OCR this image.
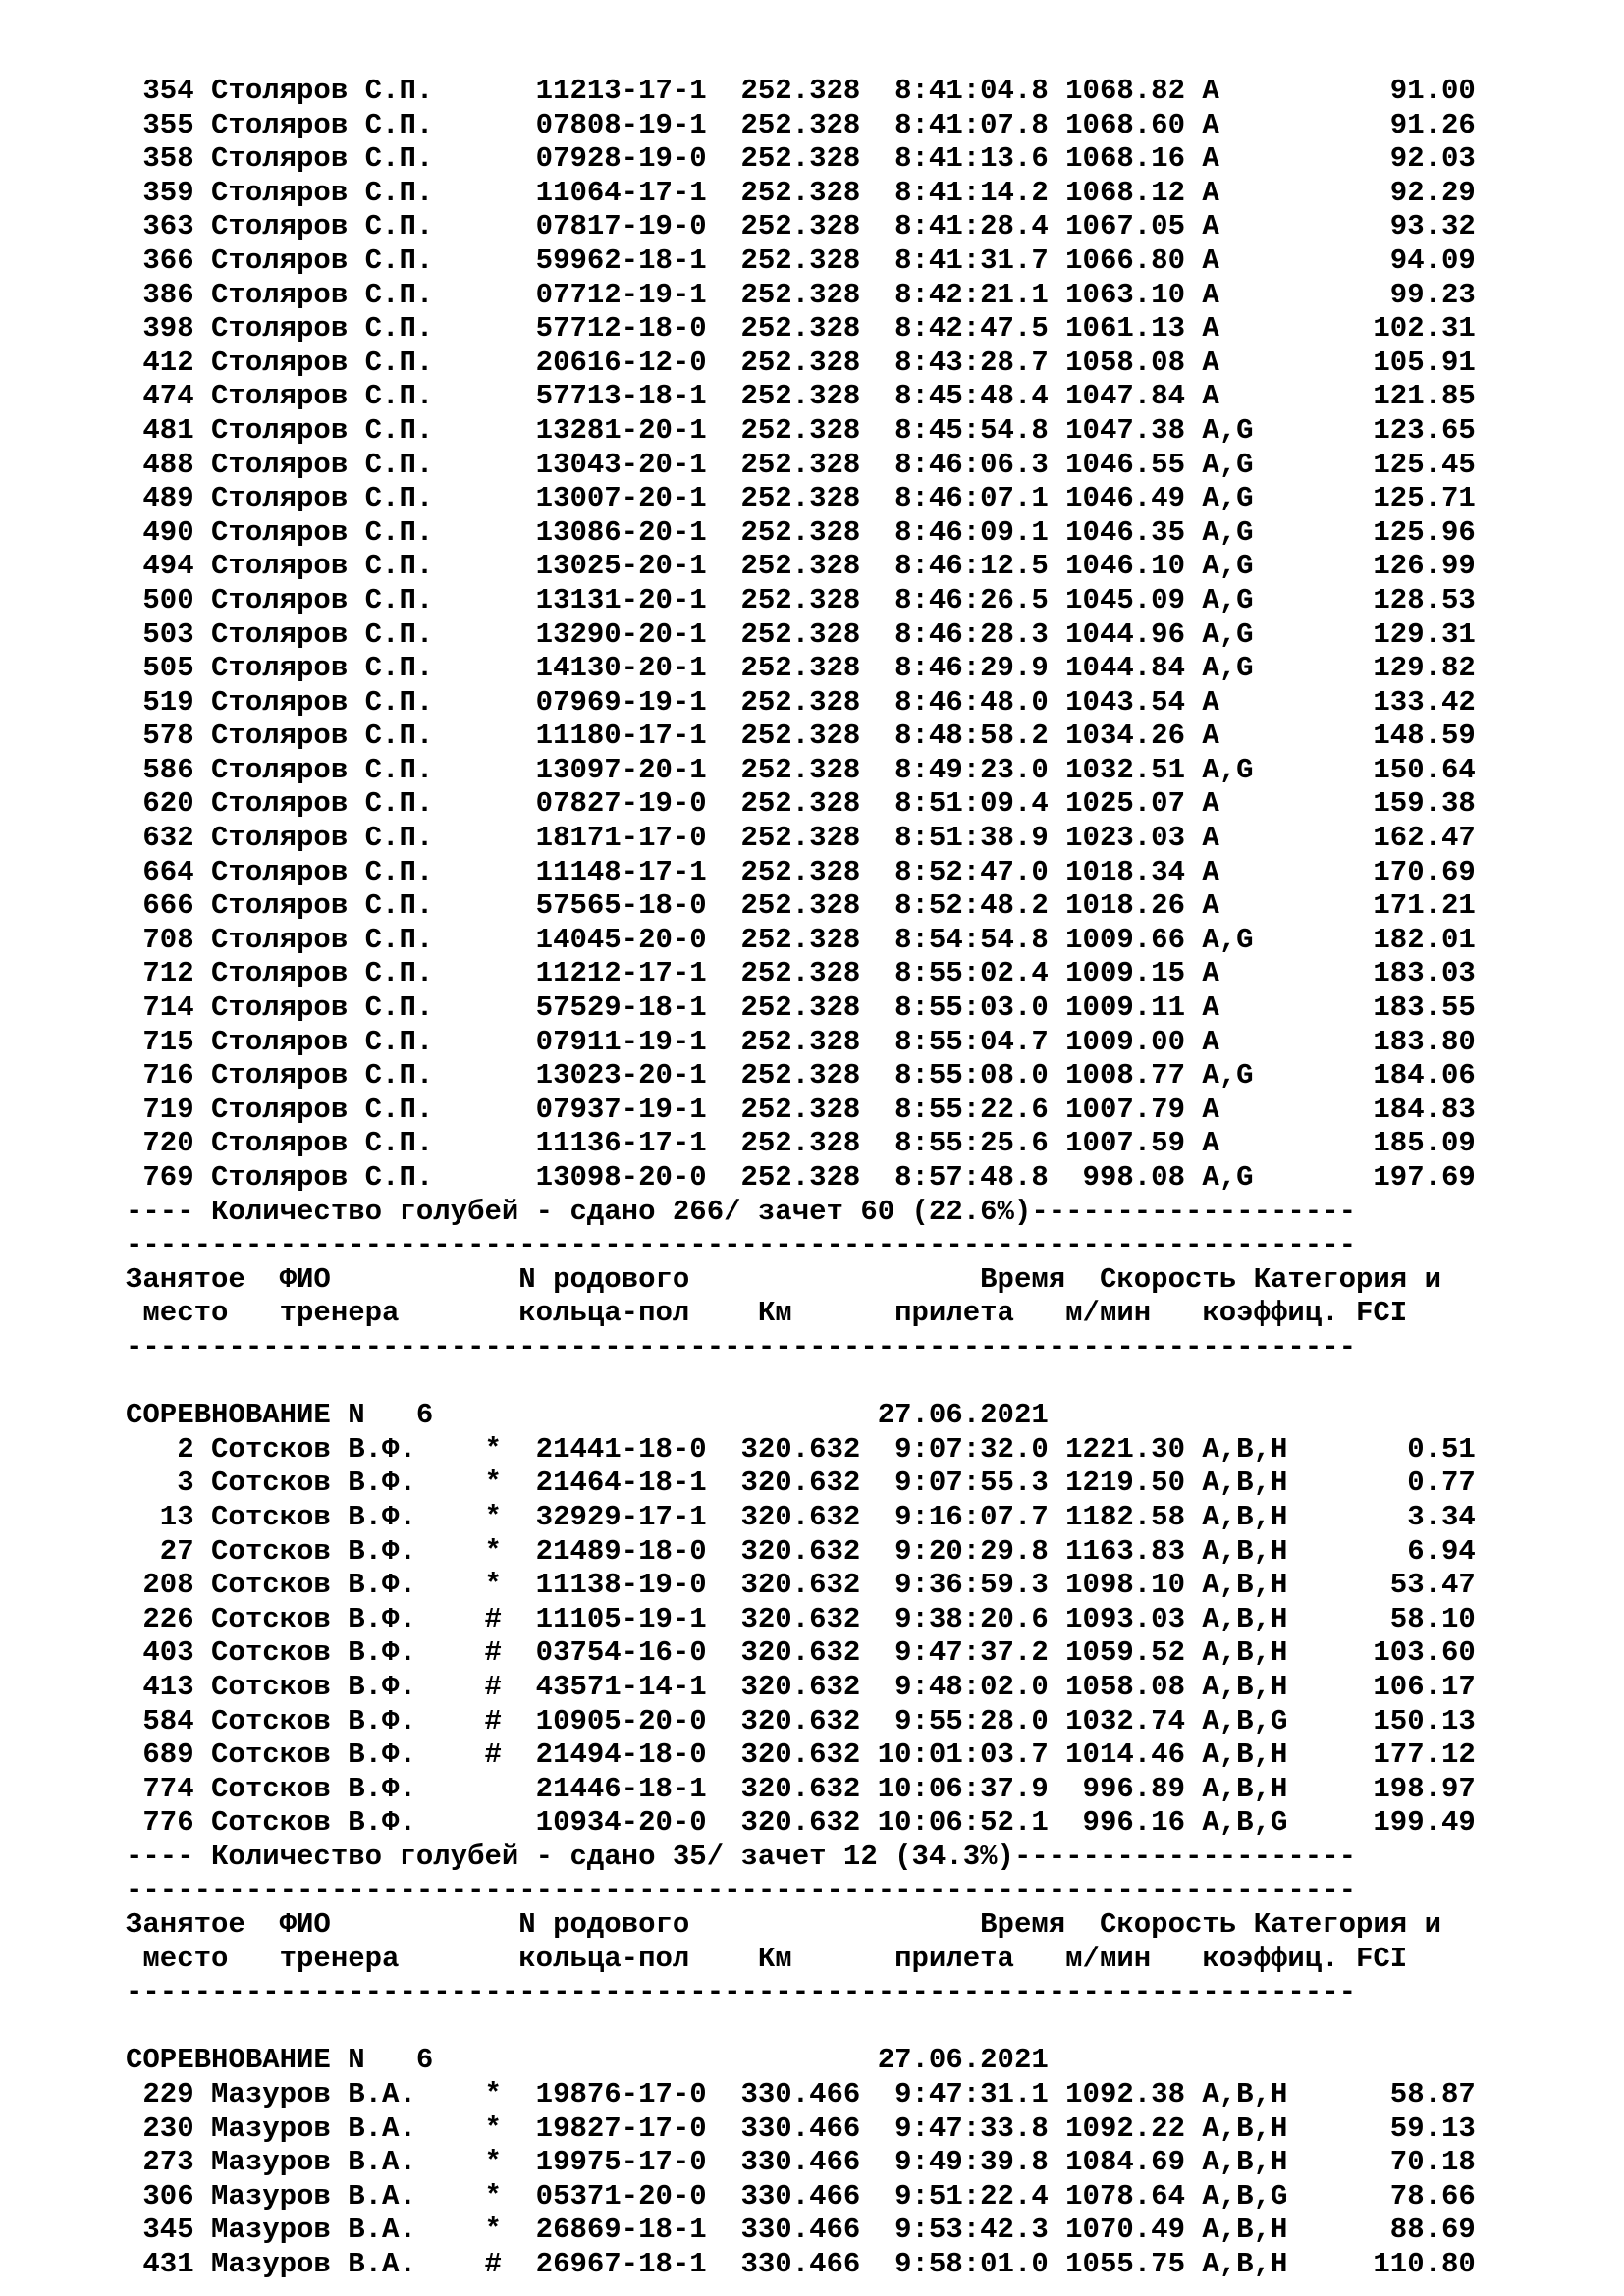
354 Столяров С.П.      11213-17-1  252.328  8:41:04.8 1068.82 A          91.00
355 Столяров С.П.      07808-19-1  252.328  8:41:07.8 1068.60 A          91.26
358 Столяров С.П.      07928-19-0  252.328  8:41:13.6 1068.16 A          92.03
359 Столяров С.П.      11064-17-1  252.328  8:41:14.2 1068.12 A          92.29
363 Столяров С.П.      07817-19-0  252.328  8:41:28.4 1067.05 A          93.32
366 Столяров С.П.      59962-18-1  252.328  8:41:31.7 1066.80 A          94.09
386 Столяров С.П.      07712-19-1  252.328  8:42:21.1 1063.10 A          99.23
398 Столяров С.П.      57712-18-0  252.328  8:42:47.5 1061.13 A         102.31
412 Столяров С.П.      20616-12-0  252.328  8:43:28.7 1058.08 A         105.91
474 Столяров С.П.      57713-18-1  252.328  8:45:48.4 1047.84 A         121.85
481 Столяров С.П.      13281-20-1  252.328  8:45:54.8 1047.38 A,G       123.65
488 Столяров С.П.      13043-20-1  252.328  8:46:06.3 1046.55 A,G       125.45
489 Столяров С.П.      13007-20-1  252.328  8:46:07.1 1046.49 A,G       125.71
490 Столяров С.П.      13086-20-1  252.328  8:46:09.1 1046.35 A,G       125.96
494 Столяров С.П.      13025-20-1  252.328  8:46:12.5 1046.10 A,G       126.99
500 Столяров С.П.      13131-20-1  252.328  8:46:26.5 1045.09 A,G       128.53
503 Столяров С.П.      13290-20-1  252.328  8:46:28.3 1044.96 A,G       129.31
505 Столяров С.П.      14130-20-1  252.328  8:46:29.9 1044.84 A,G       129.82
519 Столяров С.П.      07969-19-1  252.328  8:46:48.0 1043.54 A         133.42
578 Столяров С.П.      11180-17-1  252.328  8:48:58.2 1034.26 A         148.59
586 Столяров С.П.      13097-20-1  252.328  8:49:23.0 1032.51 A,G       150.64
620 Столяров С.П.      07827-19-0  252.328  8:51:09.4 1025.07 A         159.38
632 Столяров С.П.      18171-17-0  252.328  8:51:38.9 1023.03 A         162.47
664 Столяров С.П.      11148-17-1  252.328  8:52:47.0 1018.34 A         170.69
666 Столяров С.П.      57565-18-0  252.328  8:52:48.2 1018.26 A         171.21
708 Столяров С.П.      14045-20-0  252.328  8:54:54.8 1009.66 A,G       182.01
712 Столяров С.П.      11212-17-1  252.328  8:55:02.4 1009.15 A         183.03
714 Столяров С.П.      57529-18-1  252.328  8:55:03.0 1009.11 A         183.55
715 Столяров С.П.      07911-19-1  252.328  8:55:04.7 1009.00 A         183.80
716 Столяров С.П.      13023-20-1  252.328  8:55:08.0 1008.77 A,G       184.06
719 Столяров С.П.      07937-19-1  252.328  8:55:22.6 1007.79 A         184.83
720 Столяров С.П.      11136-17-1  252.328  8:55:25.6 1007.59 A         185.09
769 Столяров С.П.      13098-20-0  252.328  8:57:48.8  998.08 A,G       197.69
---- Количество голубей - сдано 266/ зачет 60 (22.6%)-------------------
------------------------------------------------------------------------
Занятое  ФИО           N родового                 Время  Скорость Категория и
место   тренера       кольца-пол    Км      прилета   м/мин   коэффиц. FCI
------------------------------------------------------------------------
СОРЕВНОВАНИЕ N   6                          27.06.2021
2 Сотсков В.Ф.    *  21441-18-0  320.632  9:07:32.0 1221.30 A,B,H       0.51
3 Сотсков В.Ф.    *  21464-18-1  320.632  9:07:55.3 1219.50 A,B,H       0.77
13 Сотсков В.Ф.    *  32929-17-1  320.632  9:16:07.7 1182.58 A,B,H       3.34
27 Сотсков В.Ф.    *  21489-18-0  320.632  9:20:29.8 1163.83 A,B,H       6.94
208 Сотсков В.Ф.    *  11138-19-0  320.632  9:36:59.3 1098.10 A,B,H      53.47
226 Сотсков В.Ф.    #  11105-19-1  320.632  9:38:20.6 1093.03 A,B,H      58.10
403 Сотсков В.Ф.    #  03754-16-0  320.632  9:47:37.2 1059.52 A,B,H     103.60
413 Сотсков В.Ф.    #  43571-14-1  320.632  9:48:02.0 1058.08 A,B,H     106.17
584 Сотсков В.Ф.    #  10905-20-0  320.632  9:55:28.0 1032.74 A,B,G     150.13
689 Сотсков В.Ф.    #  21494-18-0  320.632 10:01:03.7 1014.46 A,B,H     177.12
774 Сотсков В.Ф.       21446-18-1  320.632 10:06:37.9  996.89 A,B,H     198.97
776 Сотсков В.Ф.       10934-20-0  320.632 10:06:52.1  996.16 A,B,G     199.49
---- Количество голубей - сдано 35/ зачет 12 (34.3%)--------------------
------------------------------------------------------------------------
Занятое  ФИО           N родового                 Время  Скорость Категория и
место   тренера       кольца-пол    Км      прилета   м/мин   коэффиц. FCI
------------------------------------------------------------------------
СОРЕВНОВАНИЕ N   6                          27.06.2021
229 Мазуров В.А.    *  19876-17-0  330.466  9:47:31.1 1092.38 A,B,H      58.87
230 Мазуров В.А.    *  19827-17-0  330.466  9:47:33.8 1092.22 A,B,H      59.13
273 Мазуров В.А.    *  19975-17-0  330.466  9:49:39.8 1084.69 A,B,H      70.18
306 Мазуров В.А.    *  05371-20-0  330.466  9:51:22.4 1078.64 A,B,G      78.66
345 Мазуров В.А.    *  26869-18-1  330.466  9:53:42.3 1070.49 A,B,H      88.69
431 Мазуров В.А.    #  26967-18-1  330.466  9:58:01.0 1055.75 A,B,H     110.80
